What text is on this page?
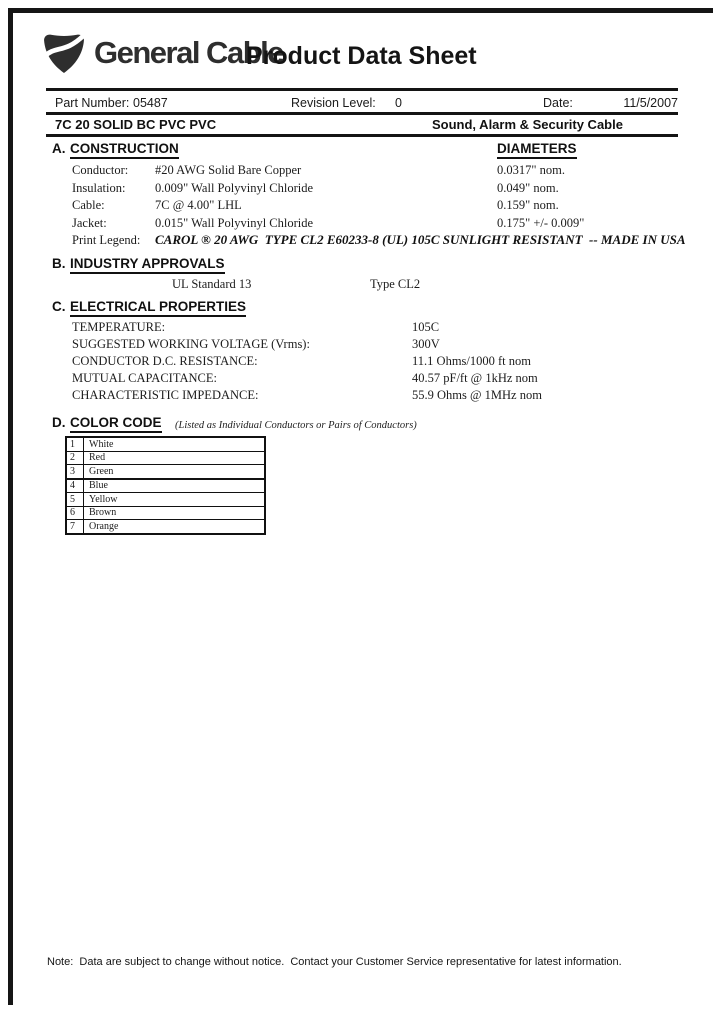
General Cable
Product Data Sheet
Part Number: 05487	Revision Level: 0	Date:	11/5/2007
7C 20 SOLID BC PVC PVC	Sound, Alarm & Security Cable
A. CONSTRUCTION	DIAMETERS
Conductor: #20 AWG Solid Bare Copper	0.0317" nom.
Insulation: 0.009" Wall Polyvinyl Chloride	0.049" nom.
Cable:	7C @ 4.00" LHL	0.159" nom.
Jacket:	0.015" Wall Polyvinyl Chloride	0.175" +/- 0.009"
Print Legend: CAROL ® 20 AWG  TYPE CL2 E60233-8 (UL) 105C SUNLIGHT RESISTANT  -- MADE IN USA
B. INDUSTRY APPROVALS
UL Standard 13	Type CL2
C. ELECTRICAL PROPERTIES
TEMPERATURE:	105C
SUGGESTED WORKING VOLTAGE (Vrms):	300V
CONDUCTOR D.C. RESISTANCE:	11.1 Ohms/1000 ft nom
MUTUAL CAPACITANCE:	40.57 pF/ft @ 1kHz nom
CHARACTERISTIC IMPEDANCE:	55.9 Ohms @ 1MHz nom
D. COLOR CODE (Listed as Individual Conductors or Pairs of Conductors)
1	White
2	Red
3	Green
4	Blue
5	Yellow
6	Brown
7	Orange
Note:  Data are subject to change without notice.  Contact your Customer Service representative for latest information.
